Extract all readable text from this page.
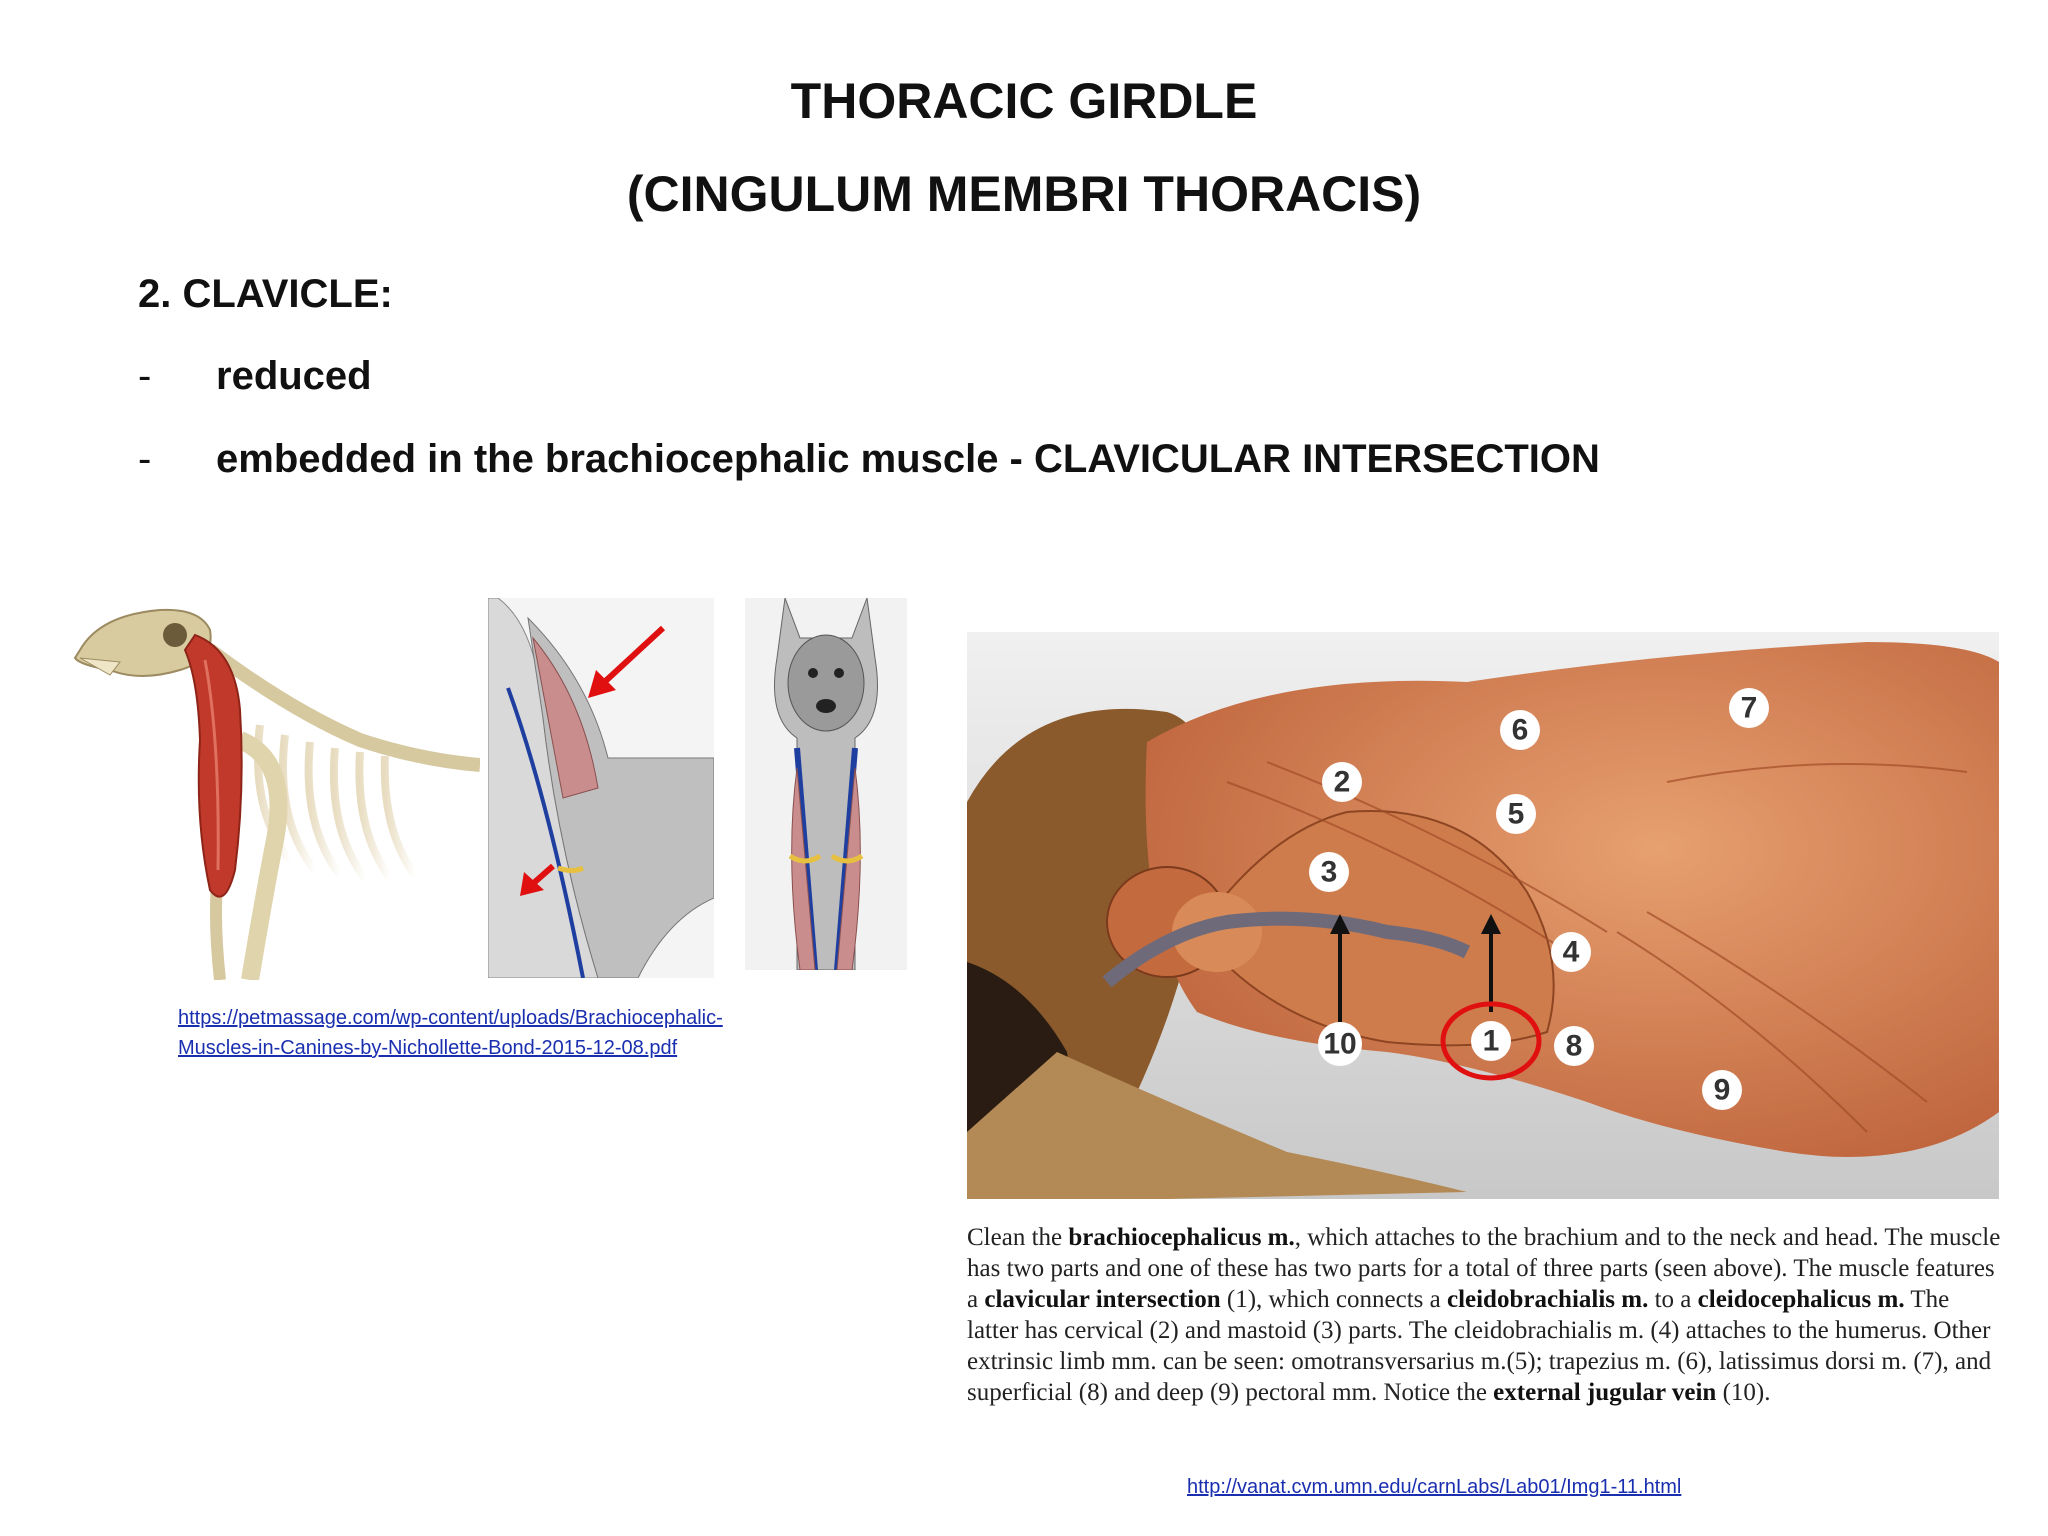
THORACIC GIRDLE
(CINGULUM MEMBRI THORACIS)
2. CLAVICLE:
-	reduced
-	embedded in the brachiocephalic muscle - CLAVICULAR INTERSECTION
https://petmassage.com/wp-content/uploads/Brachiocephalic-
Muscles-in-Canines-by-Nichollette-Bond-2015-12-08.pdf	1
2
3
4
5
6
7
8
9
10
Clean the brachiocephalicus m., which attaches to the brachium and to the neck and head. The muscle has two parts and one of these has two parts for a total of three parts (seen above). The muscle features a clavicular intersection (1), which connects a cleidobrachialis m. to a cleidocephalicus m. The latter has cervical (2) and mastoid (3) parts. The cleidobrachialis m. (4) attaches to the humerus. Other extrinsic limb mm. can be seen: omotransversarius m.(5); trapezius m. (6), latissimus dorsi m. (7), and superficial (8) and deep (9) pectoral mm. Notice the external jugular vein (10).
http://vanat.cvm.umn.edu/carnLabs/Lab01/Img1-11.html
